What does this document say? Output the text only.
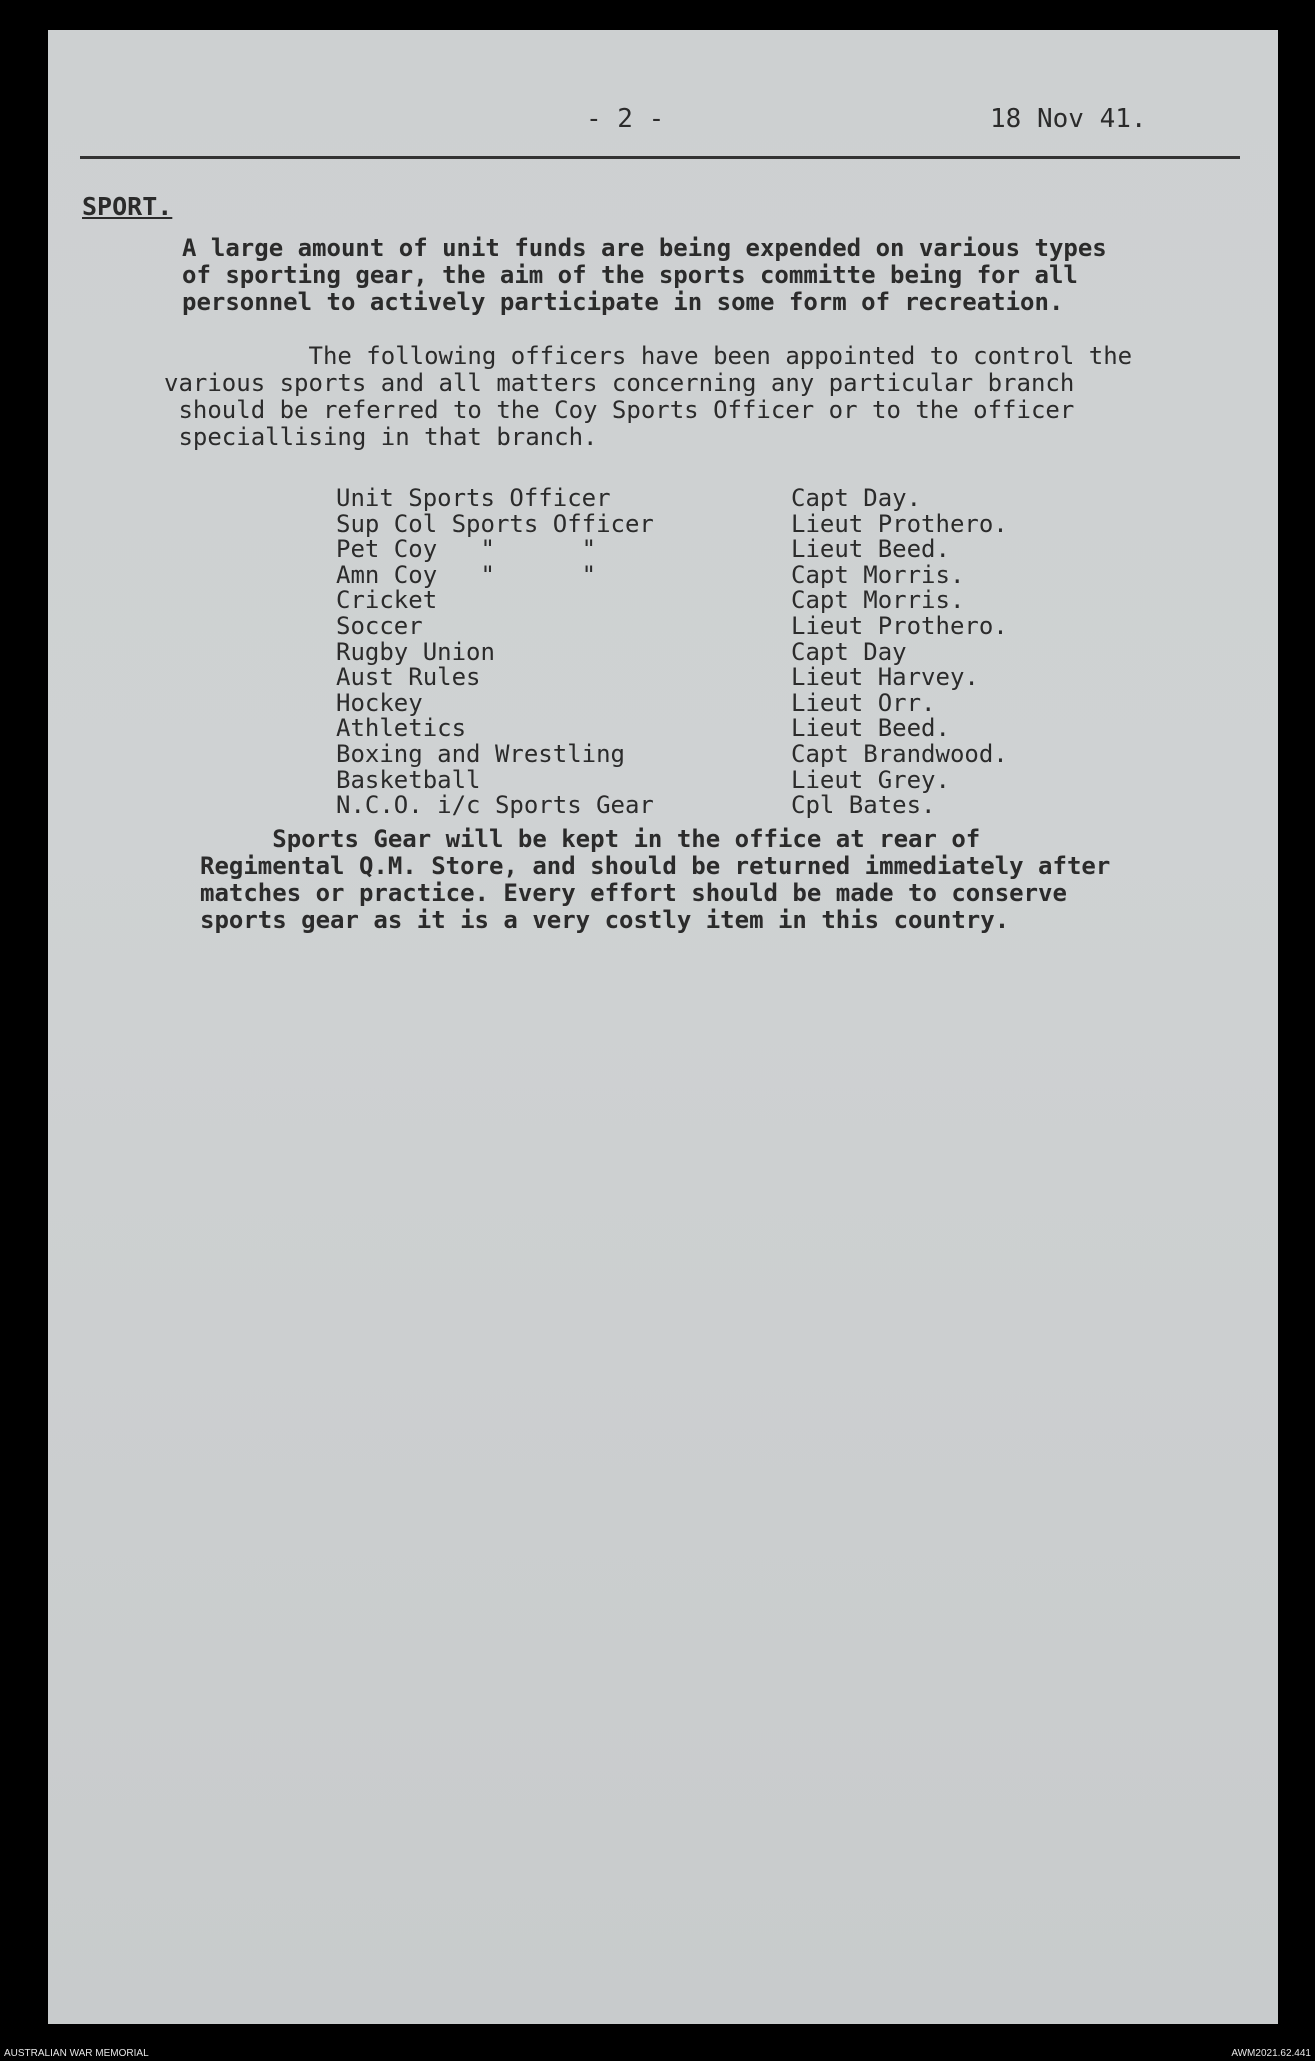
- 2 -	18 Nov 41.
SPORT.

A large amount of unit funds are being expended on various types
of sporting gear, the aim of the sports committe being for all
personnel to actively participate in some form of recreation.

The following officers have been appointed to control the
various sports and all matters concerning any particular branch
should be referred to the Coy Sports Officer or to the officer
speciallising in that branch.

Unit Sports Officer	Capt Day.
Sup Col Sports Officer	Lieut Prothero.
Pet Coy   "      "	Lieut Beed.
Amn Coy   "      "	Capt Morris.
Cricket	Capt Morris.
Soccer	Lieut Prothero.
Rugby Union	Capt Day
Aust Rules	Lieut Harvey.
Hockey	Lieut Orr.
Athletics	Lieut Beed.
Boxing and Wrestling	Capt Brandwood.
Basketball	Lieut Grey.
N.C.O. i/c Sports Gear	Cpl Bates.

Sports Gear will be kept in the office at rear of
Regimental Q.M. Store, and should be returned immediately after
matches or practice. Every effort should be made to conserve
sports gear as it is a very costly item in this country.

AUSTRALIAN WAR MEMORIAL	AWM2021.62.441
